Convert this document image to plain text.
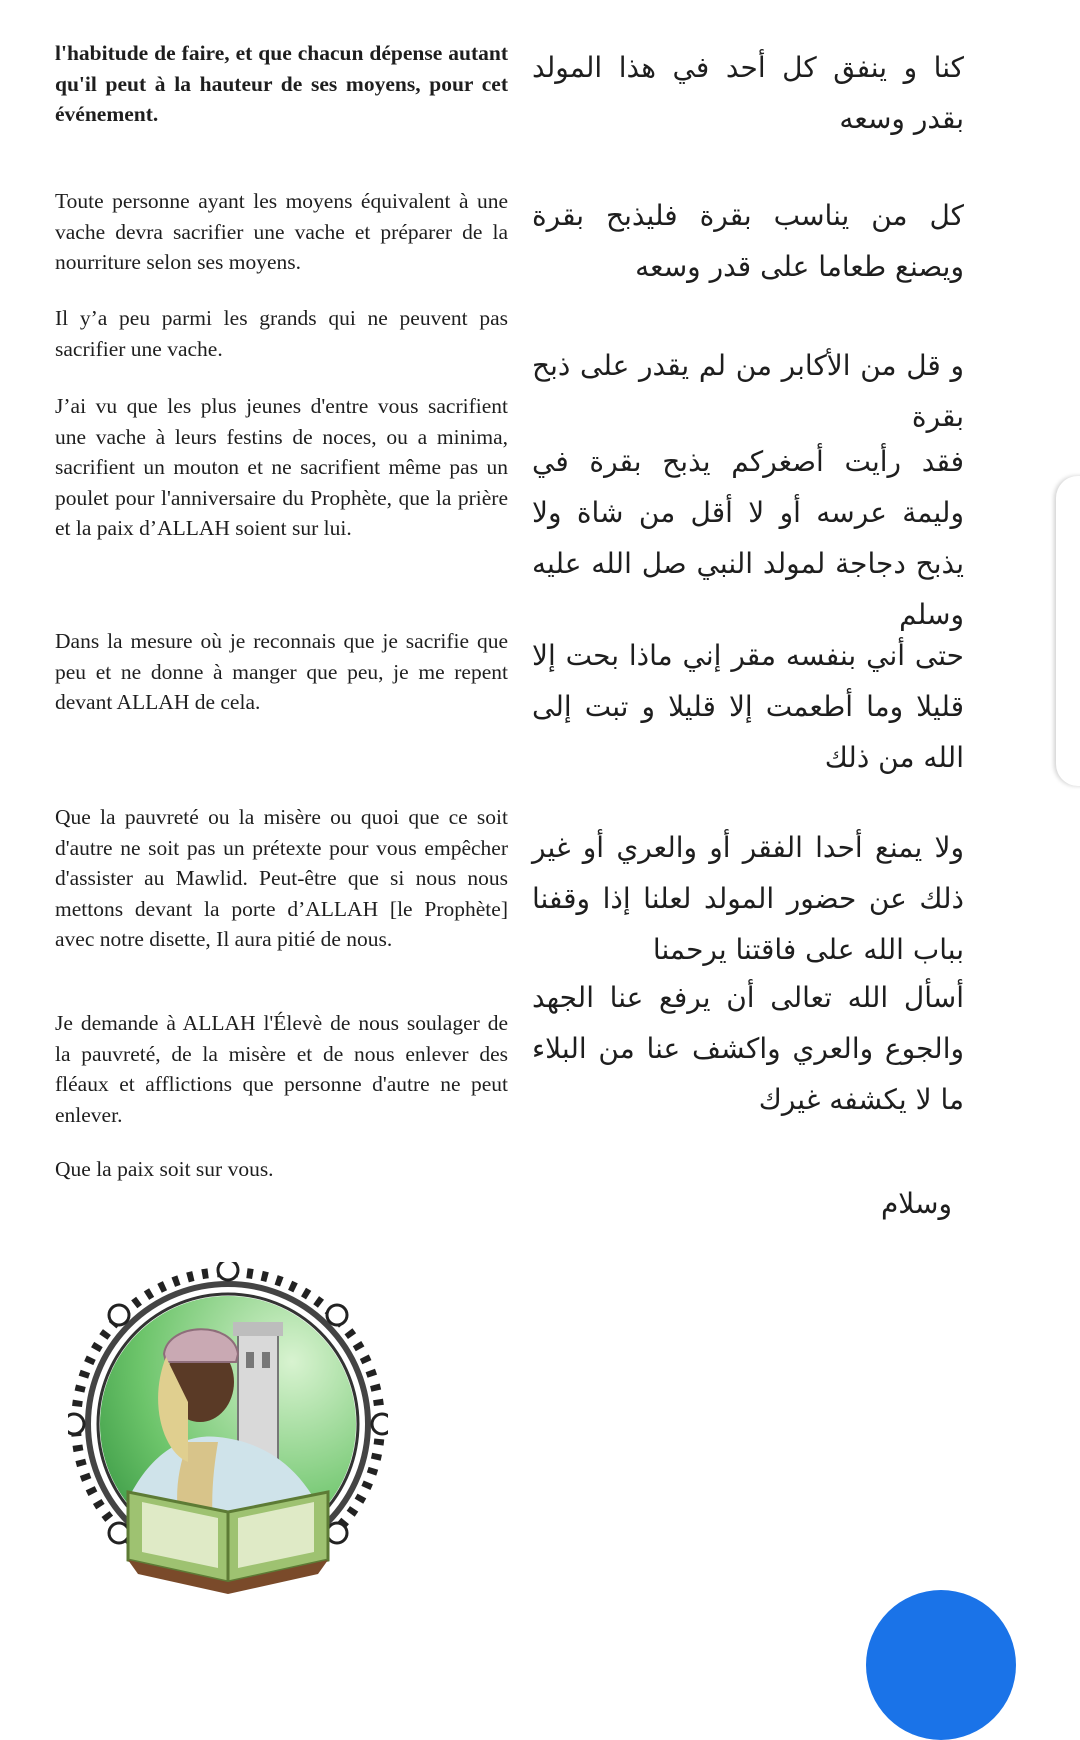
l'habitude de faire, et que chacun dépense autant qu'il peut à la hauteur de ses moyens, pour cet événement.

Toute personne ayant les moyens équivalent à une vache devra sacrifier une vache et préparer de la nourriture selon ses moyens.

Il y’a peu parmi les grands qui ne peuvent pas sacrifier une vache.

J’ai vu que les plus jeunes d'entre vous sacrifient une vache à leurs festins de noces, ou a minima, sacrifient un mouton et ne sacrifient même pas un poulet pour l'anniversaire du Prophète, que la prière et la paix d’ALLAH soient sur lui.

Dans la mesure où je reconnais que je sacrifie que peu et ne donne à manger que peu, je me repent devant ALLAH de cela.

Que la pauvreté ou la misère ou quoi que ce soit d'autre ne soit pas un prétexte pour vous empêcher d'assister au Mawlid. Peut-être que si nous nous mettons devant la porte d’ALLAH [le Prophète] avec notre disette, Il aura pitié de nous.

Je demande à ALLAH l'Élevè de nous soulager de la pauvreté, de la misère et de nous enlever des fléaux et afflictions que personne d'autre ne peut enlever.

Que la paix soit sur vous.

كنا و ينفق كل أحد في هذا المولد بقدر وسعه

كل من يناسب بقرة فليذبح بقرة ويصنع طعاما على قدر وسعه

و قل من الأكابر من لم يقدر على ذبح بقرة

فقد رأيت أصغركم يذبح بقرة في وليمة عرسه أو لا أقل من شاة ولا يذبح دجاجة لمولد النبي صل الله عليه وسلم

حتى أني بنفسه مقر إني ماذا بحت إلا قليلا وما أطعمت إلا قليلا و تبت إلى الله من ذلك

ولا يمنع أحدا الفقر أو والعري أو غير ذلك عن حضور المولد لعلنا إذا وقفنا بباب الله على فاقتنا يرحمنا

أسأل الله تعالى أن يرفع عنا الجهد والجوع والعري واكشف عنا من البلاء ما لا يكشفه غيرك

وسلام
